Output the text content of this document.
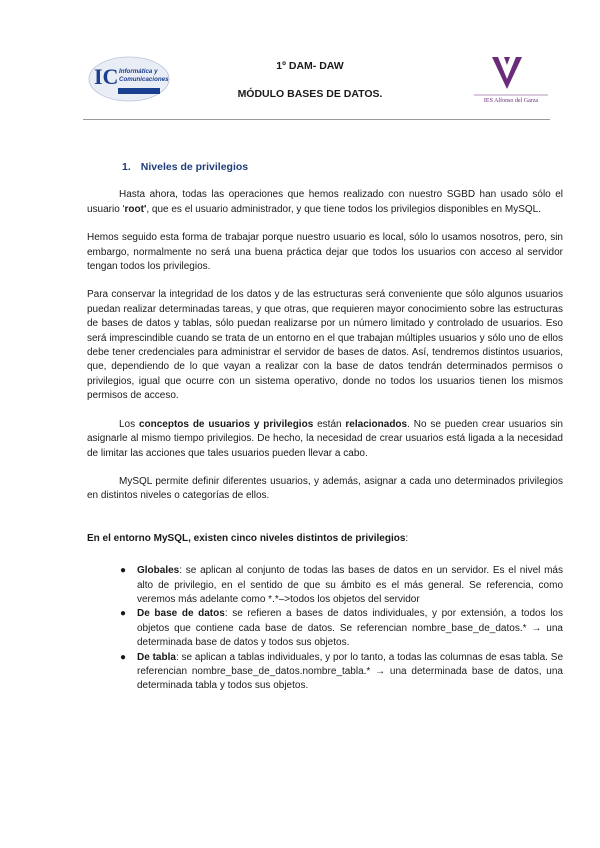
IC Informática y
Comunicaciones
1º DAM- DAW
MÓDULO BASES DE DATOS.
IES Alfonso del Garza
1. Niveles de privilegios

Hasta ahora, todas las operaciones que hemos realizado con nuestro SGBD han usado sólo el usuario 'root', que es el usuario administrador, y que tiene todos los privilegios disponibles en MySQL.

Hemos seguido esta forma de trabajar porque nuestro usuario es local, sólo lo usamos nosotros, pero, sin embargo, normalmente no será una buena práctica dejar que todos los usuarios con acceso al servidor tengan todos los privilegios.

Para conservar la integridad de los datos y de las estructuras será conveniente que sólo algunos usuarios puedan realizar determinadas tareas, y que otras, que requieren mayor conocimiento sobre las estructuras de bases de datos y tablas, sólo puedan realizarse por un número limitado y controlado de usuarios. Eso será imprescindible cuando se trata de un entorno en el que trabajan múltiples usuarios y sólo uno de ellos debe tener credenciales para administrar el servidor de bases de datos. Así, tendremos distintos usuarios, que, dependiendo de lo que vayan a realizar con la base de datos tendrán determinados permisos o privilegios, igual que ocurre con un sistema operativo, donde no todos los usuarios tienen los mismos permisos de acceso.

Los conceptos de usuarios y privilegios están relacionados. No se pueden crear usuarios sin asignarle al mismo tiempo privilegios. De hecho, la necesidad de crear usuarios está ligada a la necesidad de limitar las acciones que tales usuarios pueden llevar a cabo.

MySQL permite definir diferentes usuarios, y además, asignar a cada uno determinados privilegios en distintos niveles o categorías de ellos.

En el entorno MySQL, existen cinco niveles distintos de privilegios:

● Globales: se aplican al conjunto de todas las bases de datos en un servidor. Es el nivel más alto de privilegio, en el sentido de que su ámbito es el más general. Se referencia, como veremos más adelante como *.*–>todos los objetos del servidor
● De base de datos: se refieren a bases de datos individuales, y por extensión, a todos los objetos que contiene cada base de datos. Se referencian nombre_base_de_datos.* → una determinada base de datos y todos sus objetos.
● De tabla: se aplican a tablas individuales, y por lo tanto, a todas las columnas de esas tabla. Se referencian nombre_base_de_datos.nombre_tabla.* → una determinada base de datos, una determinada tabla y todos sus objetos.
